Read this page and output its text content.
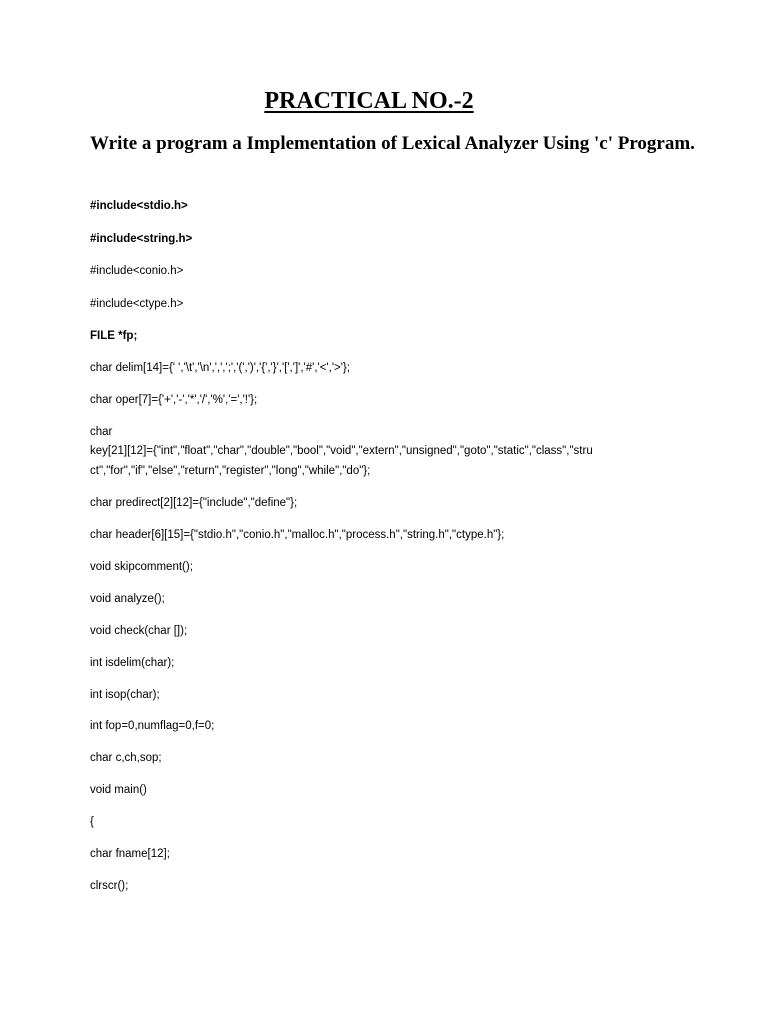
PRACTICAL NO.-2

Write a program a Implementation of Lexical Analyzer Using 'c' Program.

#include<stdio.h>

#include<string.h>

#include<conio.h>

#include<ctype.h>

FILE *fp;

char delim[14]={' ','\t','\n',',',';','(',')','{','}','[',']','#','<','>'};

char oper[7]={'+','-','*','/','%','=','!'};

char

key[21][12]={"int","float","char","double","bool","void","extern","unsigned","goto","static","class","stru

ct","for","if","else","return","register","long","while","do"};

char predirect[2][12]={"include","define"};

char header[6][15]={"stdio.h","conio.h","malloc.h","process.h","string.h","ctype.h"};

void skipcomment();

void analyze();

void check(char []);

int isdelim(char);

int isop(char);

int fop=0,numflag=0,f=0;

char c,ch,sop;

void main()

{

char fname[12];

clrscr();
